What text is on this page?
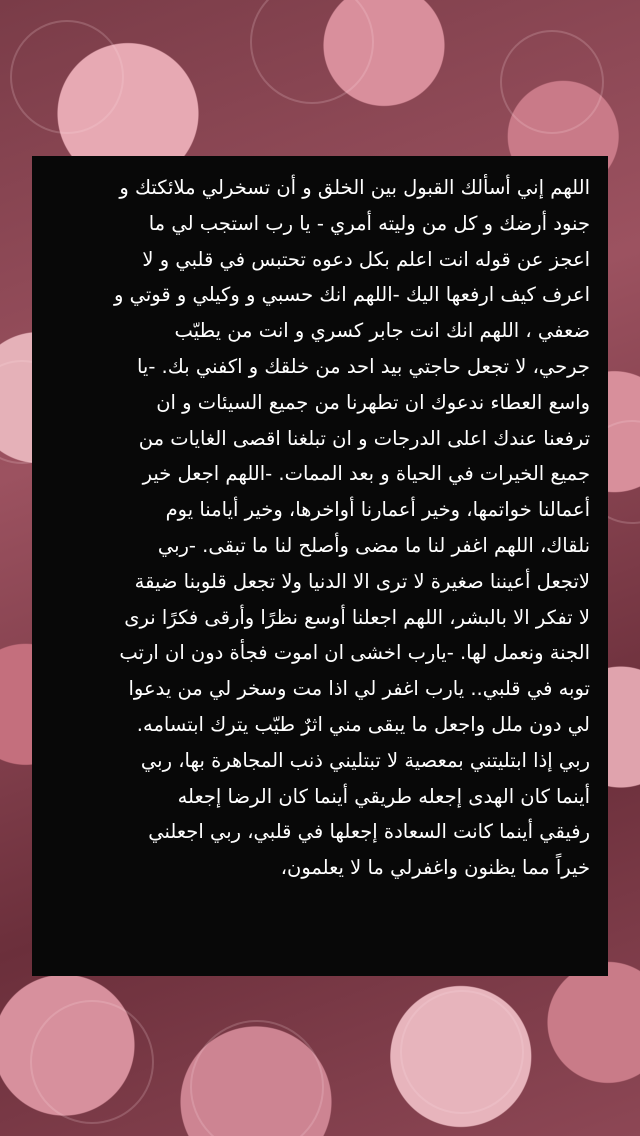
اللهم إني أسألك القبول بين الخلق و أن تسخرلي ملائكتك و
جنود أرضك و كل من وليته أمري - يا رب استجب لي ما
اعجز عن قوله انت اعلم بكل دعوه تحتبس في قلبي و لا
اعرف كيف ارفعها اليك -اللهم انك حسبي و وكيلي و قوتي و
ضعفي ، اللهم انك انت جابر كسري و انت من يطيّب
جرحي، لا تجعل حاجتي بيد احد من خلقك و اكفني بك. -يا
واسع العطاء ندعوك ان تطهرنا من جميع السيئات و ان
ترفعنا عندك اعلى الدرجات و ان تبلغنا اقصى الغايات من
جميع الخيرات في الحياة و بعد الممات. -اللهم اجعل خير
أعمالنا خواتمها، وخير أعمارنا أواخرها، وخير أيامنا يوم
نلقاك، اللهم اغفر لنا ما مضى وأصلح لنا ما تبقى. -ربي
لاتجعل أعيننا صغيرة لا ترى الا الدنيا ولا تجعل قلوبنا ضيقة
لا تفكر الا بالبشر، اللهم اجعلنا أوسع نظرًا وأرقى فكرًا نرى
الجنة ونعمل لها. -يارب اخشى ان اموت فجأة دون ان ارتب
توبه في قلبي.. يارب اغفر لي اذا مت وسخر لي من يدعوا
لي دون ملل واجعل ما يبقى مني اثرٌ طيّب يترك ابتسامه.
ربي إذا ابتليتني بمعصية لا تبتليني ذنب المجاهرة بها، ربي
أينما كان الهدى إجعله طريقي أينما كان الرضا إجعله
رفيقي أينما كانت السعادة إجعلها في قلبي، ربي اجعلني
خيراً مما يظنون واغفرلي ما لا يعلمون،
